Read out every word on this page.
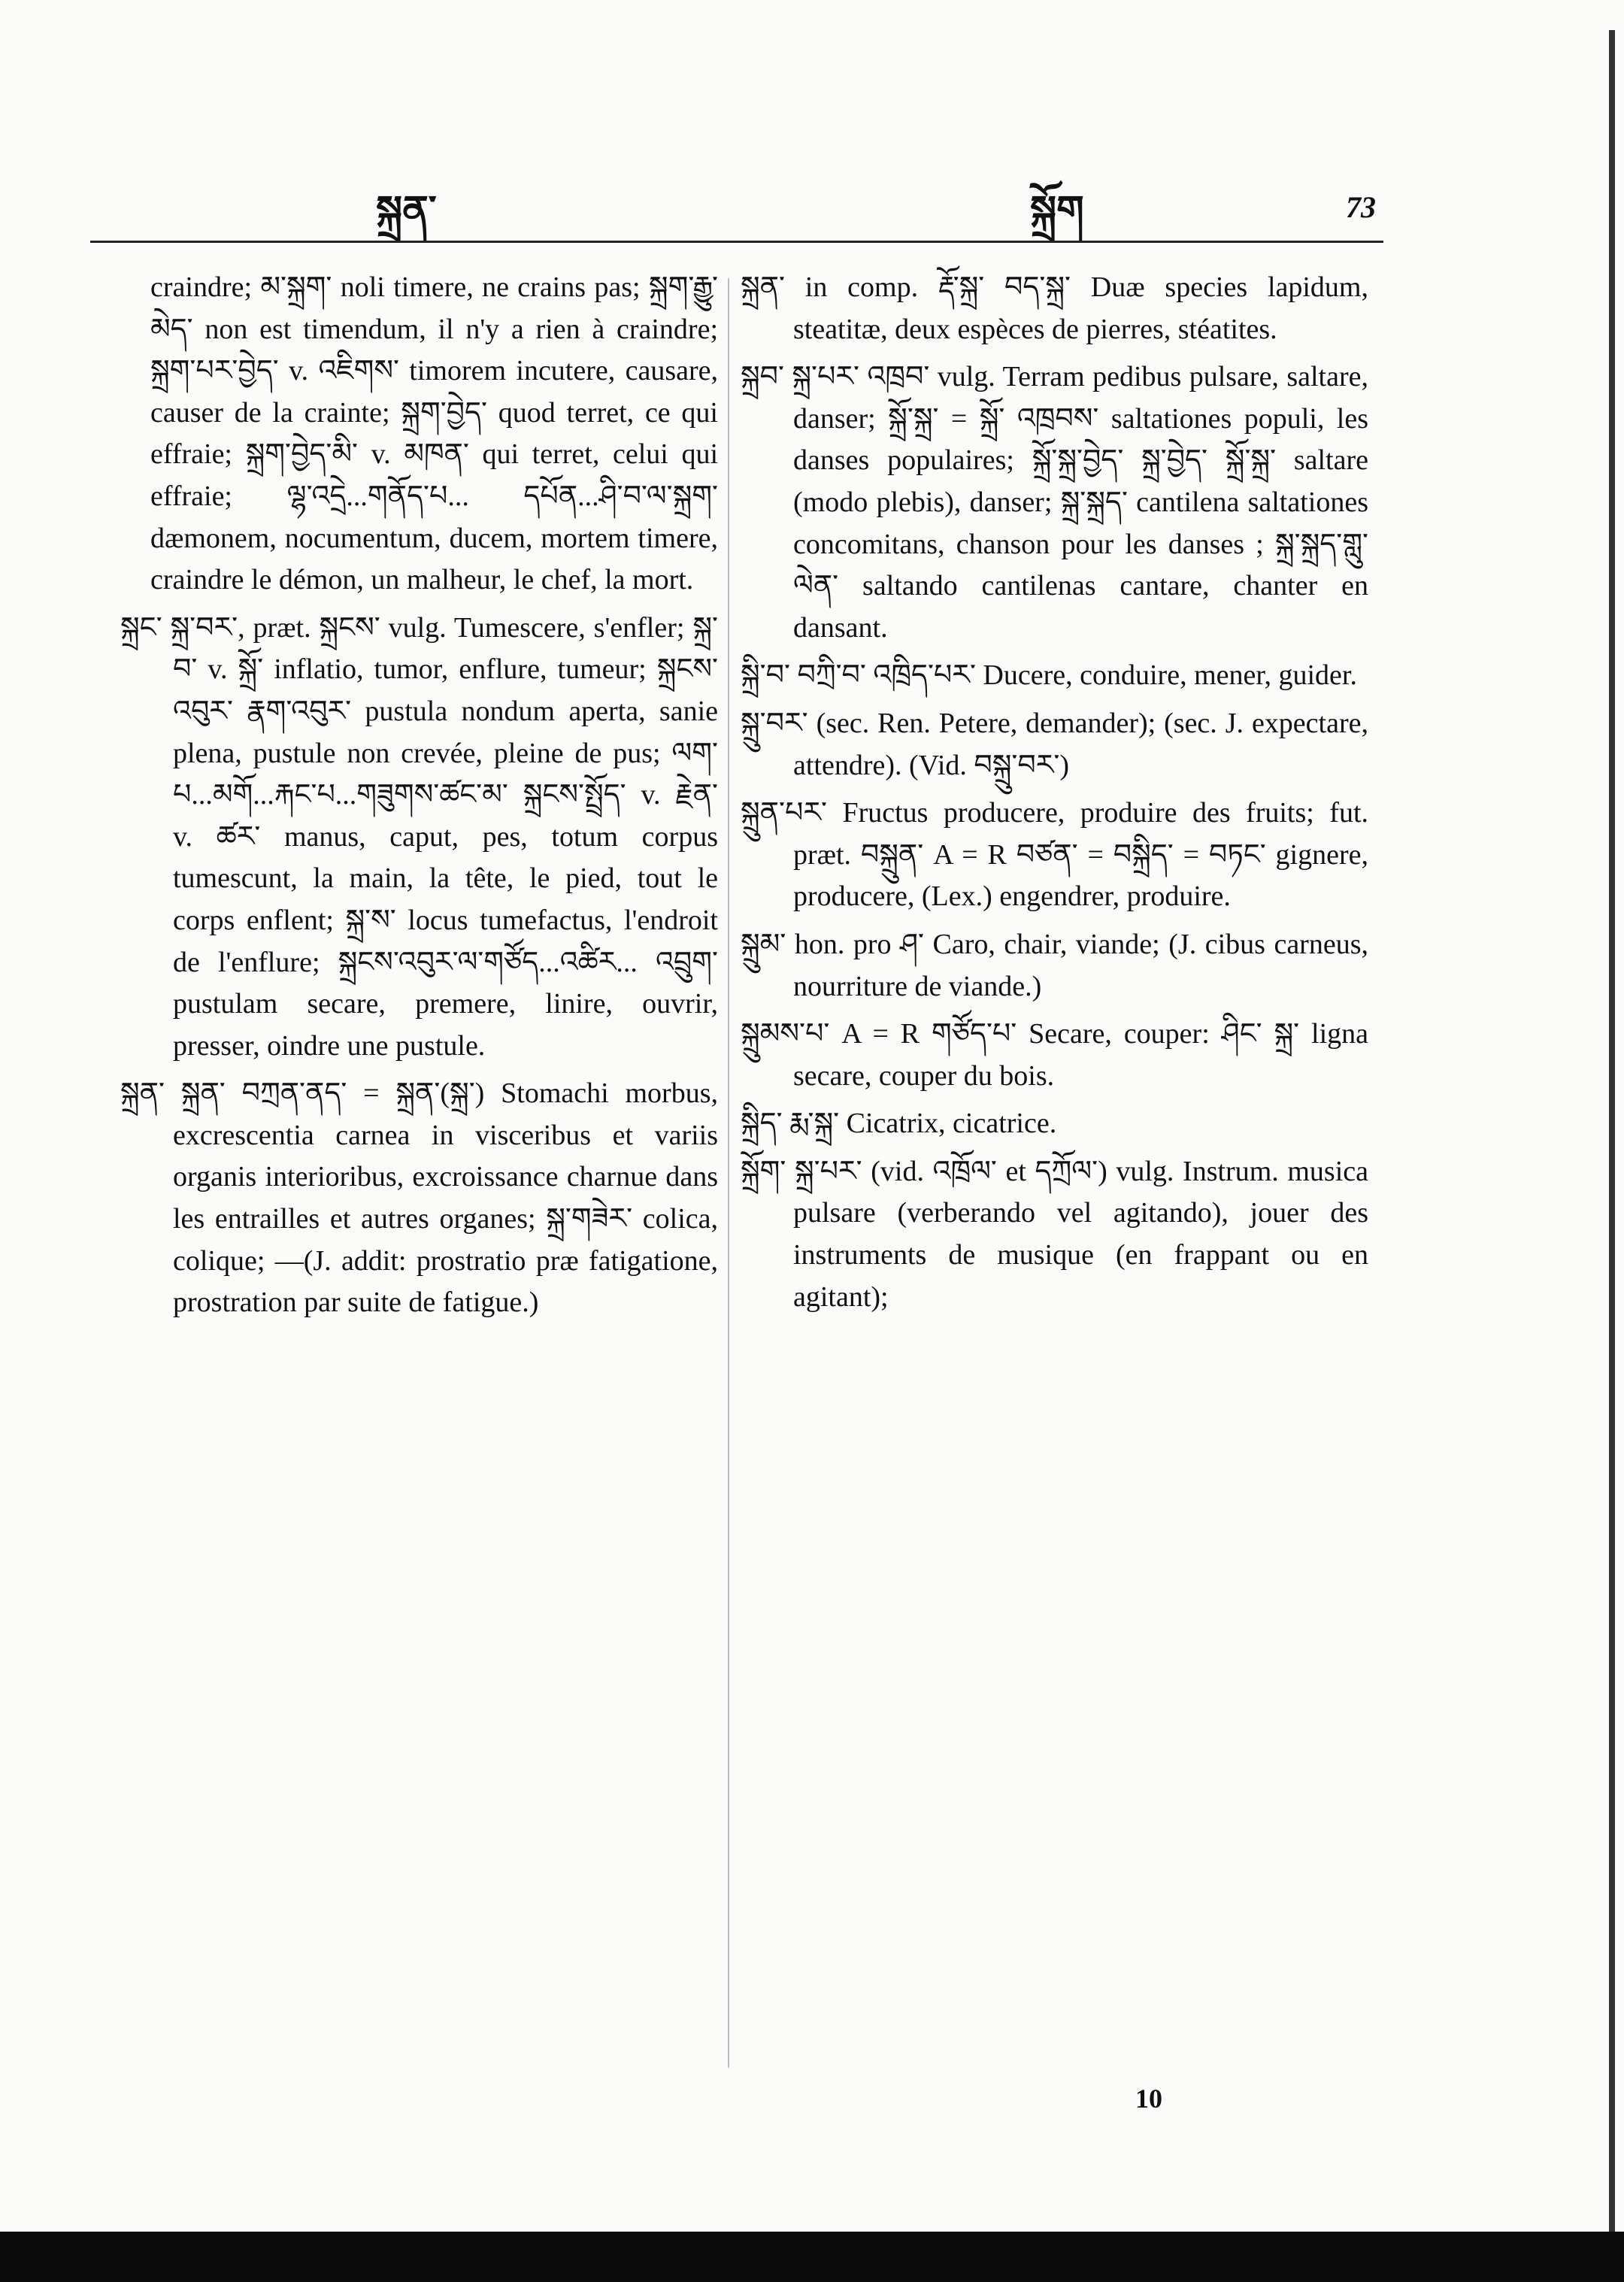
སྐྲན་	སྐྲོག	73

craindre; མ་སྐྲག་ noli timere, ne crains pas; སྐྲག་རྒྱུ་མེད་ non est timendum, il n'y a rien à craindre; སྐྲག་པར་བྱེད་ v. འཇིགས་ timorem incutere, causare, causer de la crainte; སྐྲག་བྱེད་ quod terret, ce qui effraie; སྐྲག་བྱེད་མི་ v. མཁན་ qui terret, celui qui effraie; ལྷ་འདྲེ...གནོད་པ... དཔོན...ཤི་བ་ལ་སྐྲག་ dæmonem, nocumentum, ducem, mortem timere, craindre le démon, un malheur, le chef, la mort.

སྐྲང་ སྐྲ་བར་, præt. སྐྲངས་ vulg. Tumescere, s'enfler; སྐྲ་བ་ v. སྐྲོ་ inflatio, tumor, enflure, tumeur; སྐྲངས་འབུར་ རྣག་འབུར་ pustula nondum aperta, sanie plena, pustule non crevée, pleine de pus; ལག་པ...མགོ...རྐང་པ...གཟུགས་ཚང་མ་ སྐྲངས་སྤྲོད་ v. རྗེན་ v. ཚར་ manus, caput, pes, totum corpus tumescunt, la main, la tête, le pied, tout le corps enflent; སྐྲ་ས་ locus tumefactus, l'endroit de l'enflure; སྐྲངས་འབུར་ལ་གཙོད...འཚིར... འབྲུག་ pustulam secare, premere, linire, ouvrir, presser, oindre une pustule.

སྐྲན་ སྐྲན་ བཀྲན་ནད་ = སྐྲན་(སྐྲ་) Stomachi morbus, excrescentia carnea in visceribus et variis organis interioribus, excroissance charnue dans les entrailles et autres organes; སྐྲ་གཟེར་ colica, colique; —(J. addit: prostratio præ fatigatione, prostration par suite de fatigue.)

སྐྲན་ in comp. རྡོ་སྐྲ་ བད་སྐྲ་ Duæ species lapidum, steatitæ, deux espèces de pierres, stéatites.

སྐྲབ་ སྐྲ་པར་ འཁྲབ་ vulg. Terram pedibus pulsare, saltare, danser; སྐྲོ་སྐྲ་ = སྐྲོ་ འཁྲབས་ saltationes populi, les danses populaires; སྐྲོ་སྐྲ་བྱེད་ སྐྲ་བྱེད་ སྐྲོ་སྐྲ་ saltare (modo plebis), danser; སྐྲ་སྐྲད་ cantilena saltationes concomitans, chanson pour les danses ; སྐྲ་སྐྲད་གླུ་ལེན་ saltando cantilenas cantare, chanter en dansant.

སྐྲི་བ་ བཀྲི་བ་ འཁྲིད་པར་ Ducere, conduire, mener, guider.

སྐྲུ་བར་ (sec. Ren. Petere, demander); (sec. J. expectare, attendre). (Vid. བསྐྲུ་བར་)

སྐྲུན་པར་ Fructus producere, produire des fruits; fut. præt. བསྐྲུན་ A = R བཙན་ = བསྐྲིད་ = བཏང་ gignere, producere, (Lex.) engendrer, produire.

སྐྲུམ་ hon. pro ཤ་ Caro, chair, viande; (J. cibus carneus, nourriture de viande.)

སྐྲུམས་པ་ A = R གཙོད་པ་ Secare, couper: ཤིང་ སྐྲ་ ligna secare, couper du bois.

སྐྲིད་ རྨ་སྐྲ་ Cicatrix, cicatrice.

སྐྲོག་ སྐྲ་པར་ (vid. འཁྲོལ་ et དཀྲོལ་) vulg. Instrum. musica pulsare (verberando vel agitando), jouer des instruments de musique (en frappant ou en agitant);

10
